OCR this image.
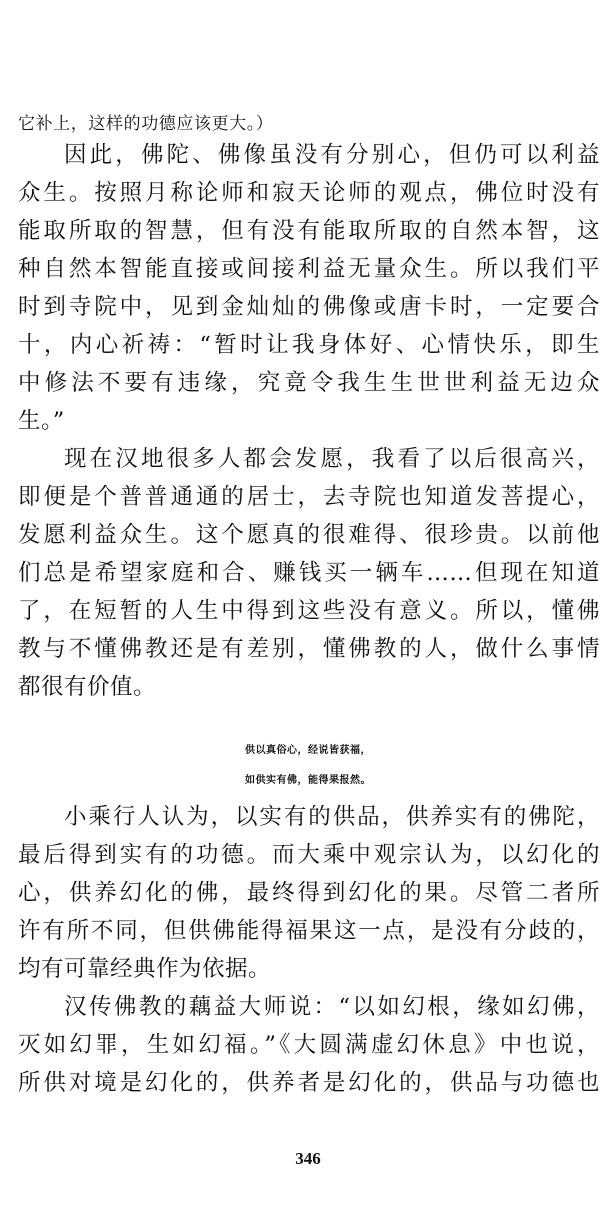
它补上，这样的功德应该更大。）
因此，佛陀、佛像虽没有分别心，但仍可以利益
众生。按照月称论师和寂天论师的观点，佛位时没有
能取所取的智慧，但有没有能取所取的自然本智，这
种自然本智能直接或间接利益无量众生。所以我们平
时到寺院中，见到金灿灿的佛像或唐卡时，一定要合
十，内心祈祷：“暂时让我身体好、心情快乐，即生
中修法不要有违缘，究竟令我生生世世利益无边众
生。”
现在汉地很多人都会发愿，我看了以后很高兴，
即便是个普普通通的居士，去寺院也知道发菩提心，
发愿利益众生。这个愿真的很难得、很珍贵。以前他
们总是希望家庭和合、赚钱买一辆车……但现在知道
了，在短暂的人生中得到这些没有意义。所以，懂佛
教与不懂佛教还是有差别，懂佛教的人，做什么事情
都很有价值。
供以真俗心，经说皆获福，
如供实有佛，能得果报然。
小乘行人认为，以实有的供品，供养实有的佛陀，
最后得到实有的功德。而大乘中观宗认为，以幻化的
心，供养幻化的佛，最终得到幻化的果。尽管二者所
许有所不同，但供佛能得福果这一点，是没有分歧的，
均有可靠经典作为依据。
汉传佛教的藕益大师说：“以如幻根，缘如幻佛，
灭如幻罪，生如幻福。”《大圆满虚幻休息》中也说，
所供对境是幻化的，供养者是幻化的，供品与功德也
346
